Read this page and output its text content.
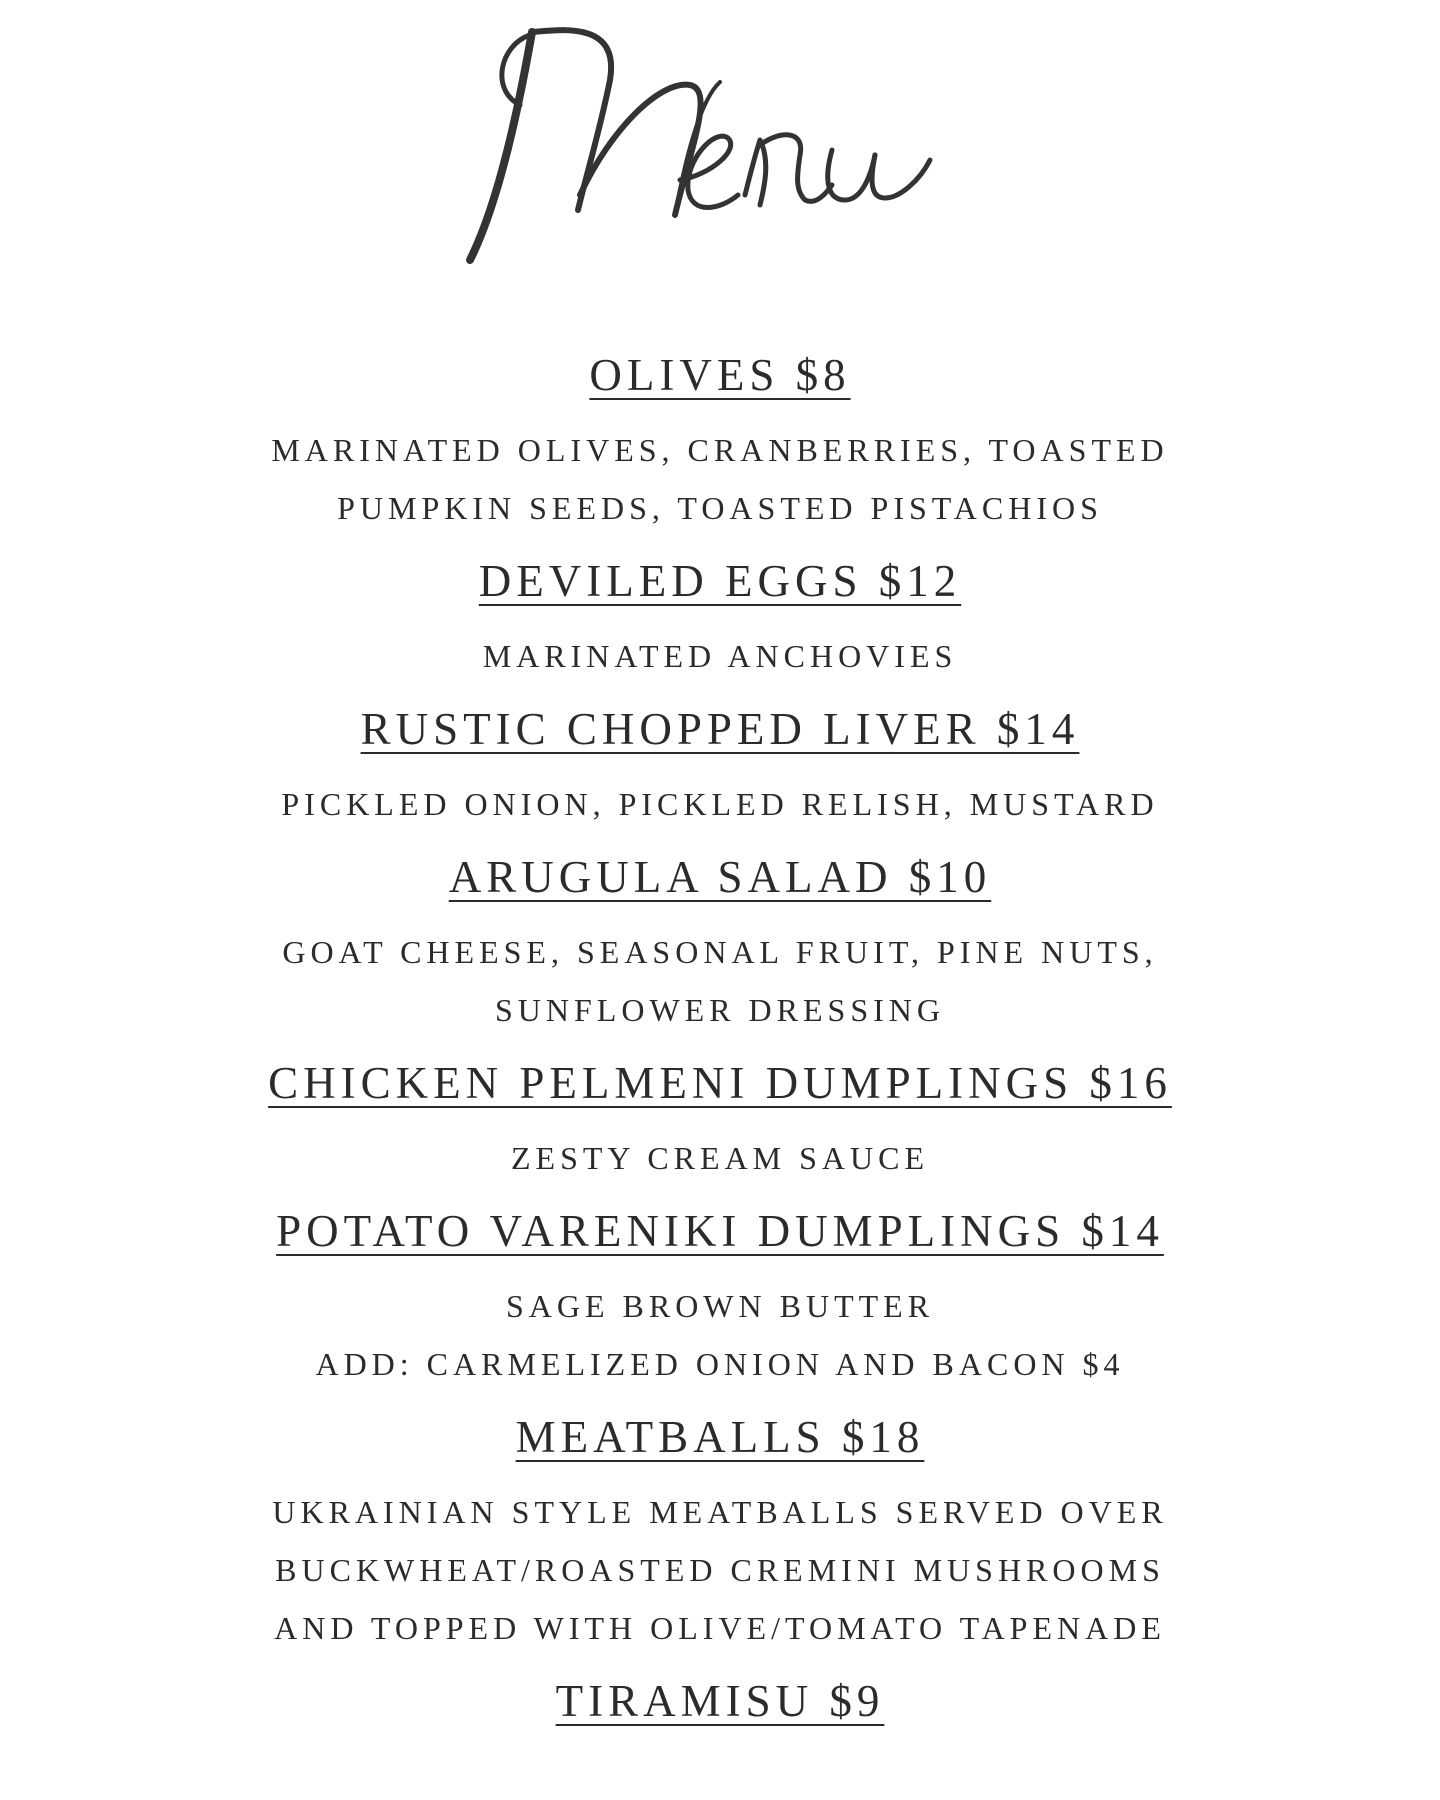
OLIVES $8

MARINATED OLIVES, CRANBERRIES, TOASTED

PUMPKIN SEEDS, TOASTED PISTACHIOS

DEVILED EGGS $12

MARINATED ANCHOVIES

RUSTIC CHOPPED LIVER $14

PICKLED ONION, PICKLED RELISH, MUSTARD

ARUGULA SALAD $10

GOAT CHEESE, SEASONAL FRUIT, PINE NUTS,

SUNFLOWER DRESSING

CHICKEN PELMENI DUMPLINGS $16

ZESTY CREAM SAUCE

POTATO VARENIKI DUMPLINGS $14

SAGE BROWN BUTTER

ADD: CARMELIZED ONION AND BACON $4

MEATBALLS $18

UKRAINIAN STYLE MEATBALLS SERVED OVER

BUCKWHEAT/ROASTED CREMINI MUSHROOMS

AND TOPPED WITH OLIVE/TOMATO TAPENADE

TIRAMISU $9
